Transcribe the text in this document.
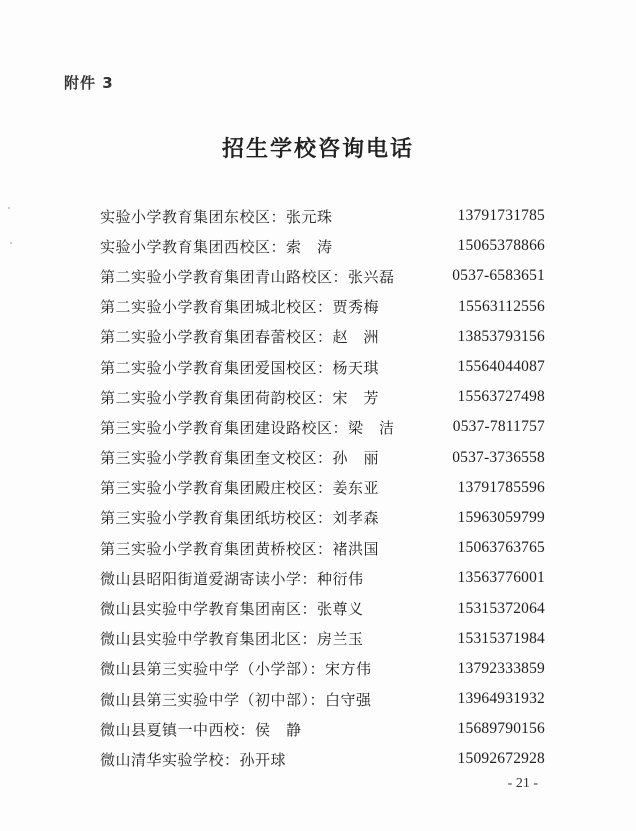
附件 3
招生学校咨询电话
实验小学教育集团东校区：张元珠	13791731785
实验小学教育集团西校区：索　涛	15065378866
第二实验小学教育集团青山路校区：张兴磊	0537-6583651
第二实验小学教育集团城北校区：贾秀梅	15563112556
第二实验小学教育集团春蕾校区：赵　洲	13853793156
第二实验小学教育集团爱国校区：杨天琪	15564044087
第二实验小学教育集团荷韵校区：宋　芳	15563727498
第三实验小学教育集团建设路校区：梁　洁	0537-7811757
第三实验小学教育集团奎文校区：孙　丽	0537-3736558
第三实验小学教育集团殿庄校区：姜东亚	13791785596
第三实验小学教育集团纸坊校区：刘孝森	15963059799
第三实验小学教育集团黄桥校区：褚洪国	15063763765
微山县昭阳街道爱湖寄读小学：种衍伟	13563776001
微山县实验中学教育集团南区：张尊义	15315372064
微山县实验中学教育集团北区：房兰玉	15315371984
微山县第三实验中学（小学部）：宋方伟	13792333859
微山县第三实验中学（初中部）：白守强	13964931932
微山县夏镇一中西校：侯　静	15689790156
微山清华实验学校：孙开球	15092672928
- 21 -
